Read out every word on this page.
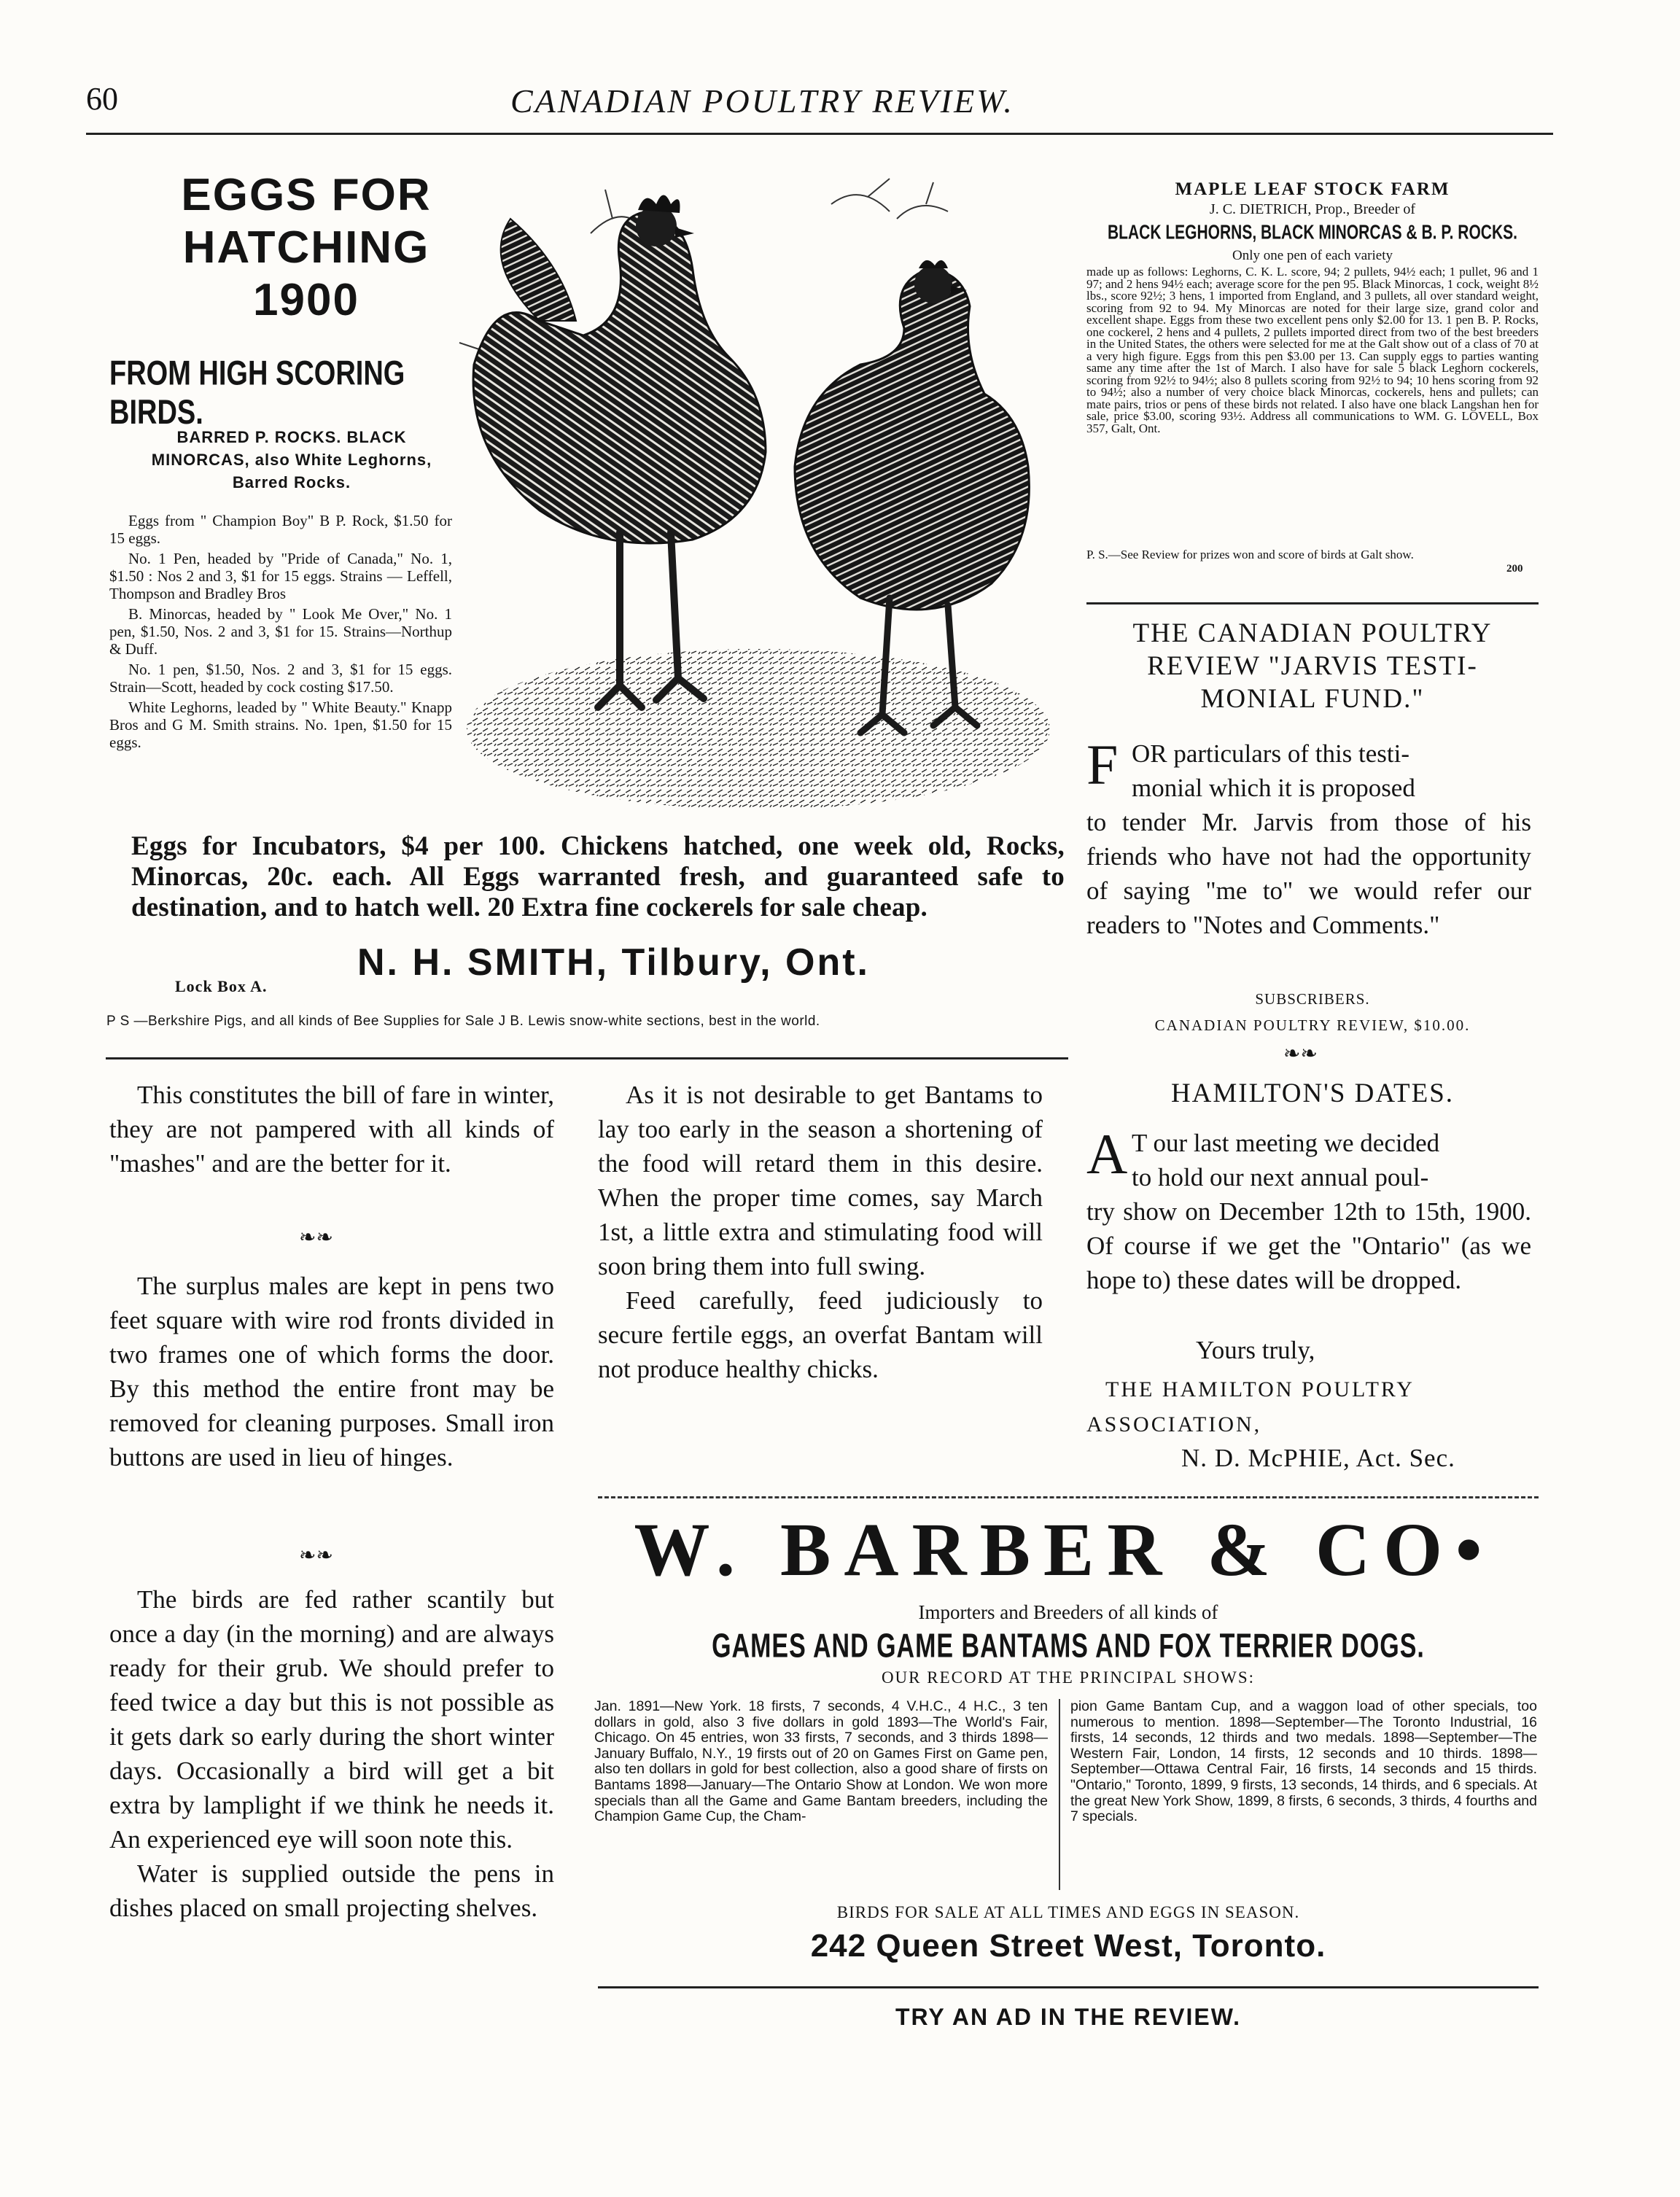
60	CANADIAN POULTRY REVIEW.
EGGS FOR
HATCHING
1900
FROM HIGH SCORING BIRDS.
BARRED P. ROCKS. BLACK
MINORCAS, also White Leghorns,
Barred Rocks.

Eggs from " Champion Boy" B P. Rock, $1.50 for 15 eggs.

No. 1 Pen, headed by "Pride of Canada," No. 1, $1.50 : Nos 2 and 3, $1 for 15 eggs. Strains — Leffell, Thompson and Bradley Bros

B. Minorcas, headed by " Look Me Over," No. 1 pen, $1.50, Nos. 2 and 3, $1 for 15. Strains—Northup & Duff.

No. 1 pen, $1.50, Nos. 2 and 3, $1 for 15 eggs. Strain—Scott, headed by cock costing $17.50.

White Leghorns, leaded by " White Beauty." Knapp Bros and G M. Smith strains. No. 1pen, $1.50 for 15 eggs.

Eggs for Incubators, $4 per 100. Chickens hatched, one week old, Rocks, Minorcas, 20c. each. All Eggs warranted fresh, and guaranteed safe to destination, and to hatch well. 20 Extra fine cockerels for sale cheap.
N. H. SMITH, Tilbury, Ont.
Lock Box A.
P S —Berkshire Pigs, and all kinds of Bee Supplies for Sale J B. Lewis snow-white sections, best in the world.
MAPLE LEAF STOCK FARM
J. C. DIETRICH, Prop., Breeder of
BLACK LEGHORNS, BLACK MINORCAS & B. P. ROCKS.
Only one pen of each variety
made up as follows: Leghorns, C. K. L. score, 94; 2 pullets, 94½ each; 1 pullet, 96 and 1 97; and 2 hens 94½ each; average score for the pen 95. Black Minorcas, 1 cock, weight 8½ lbs., score 92½; 3 hens, 1 imported from England, and 3 pullets, all over standard weight, scoring from 92 to 94. My Minorcas are noted for their large size, grand color and excellent shape. Eggs from these two excellent pens only $2.00 for 13. 1 pen B. P. Rocks, one cockerel, 2 hens and 4 pullets, 2 pullets imported direct from two of the best breeders in the United States, the others were selected for me at the Galt show out of a class of 70 at a very high figure. Eggs from this pen $3.00 per 13. Can supply eggs to parties wanting same any time after the 1st of March. I also have for sale 5 black Leghorn cockerels, scoring from 92½ to 94½; also 8 pullets scoring from 92½ to 94; 10 hens scoring from 92 to 94½; also a number of very choice black Minorcas, cockerels, hens and pullets; can mate pairs, trios or pens of these birds not related. I also have one black Langshan hen for sale, price $3.00, scoring 93½. Address all communications to WM. G. LOVELL, Box 357, Galt, Ont.
P. S.—See Review for prizes won and score of birds at Galt show.
200
THE CANADIAN POULTRY
REVIEW "JARVIS TESTI-
MONIAL FUND."
F OR particulars of this testi-
monial which it is proposed
to tender Mr. Jarvis from those of his friends who have not had the opportunity of saying "me to" we would refer our readers to "Notes and Comments."
SUBSCRIBERS.
CANADIAN POULTRY REVIEW, $10.00.
❧❧
HAMILTON'S DATES.
A T our last meeting we decided
to hold our next annual poul-
try show on December 12th to 15th, 1900. Of course if we get the "Ontario" (as we hope to) these dates will be dropped.
Yours truly,
THE HAMILTON POULTRY ASSOCIATION,
N. D. McPHIE, Act. Sec.

This constitutes the bill of fare in winter, they are not pampered with all kinds of "mashes" and are the better for it.

❧❧

The surplus males are kept in pens two feet square with wire rod fronts divided in two frames one of which forms the door. By this method the entire front may be removed for cleaning purposes. Small iron buttons are used in lieu of hinges.

❧❧

The birds are fed rather scantily but once a day (in the morning) and are always ready for their grub. We should prefer to feed twice a day but this is not possible as it gets dark so early during the short winter days. Occasionally a bird will get a bit extra by lamplight if we think he needs it. An experienced eye will soon note this.

Water is supplied outside the pens in dishes placed on small projecting shelves.

As it is not desirable to get Bantams to lay too early in the season a shortening of the food will retard them in this desire. When the proper time comes, say March 1st, a little extra and stimulating food will soon bring them into full swing.

Feed carefully, feed judiciously to secure fertile eggs, an overfat Bantam will not produce healthy chicks.

W. BARBER & CO•
Importers and Breeders of all kinds of
GAMES AND GAME BANTAMS AND FOX TERRIER DOGS.
OUR RECORD AT THE PRINCIPAL SHOWS:
Jan. 1891—New York. 18 firsts, 7 seconds, 4 V.H.C., 4 H.C., 3 ten dollars in gold, also 3 five dollars in gold 1893—The World's Fair, Chicago. On 45 entries, won 33 firsts, 7 seconds, and 3 thirds 1898—January Buffalo, N.Y., 19 firsts out of 20 on Games First on Game pen, also ten dollars in gold for best collection, also a good share of firsts on Bantams 1898—January—The Ontario Show at London. We won more specials than all the Game and Game Bantam breeders, including the Champion Game Cup, the Cham-
pion Game Bantam Cup, and a waggon load of other specials, too numerous to mention. 1898—September—The Toronto Industrial, 16 firsts, 14 seconds, 12 thirds and two medals. 1898—September—The Western Fair, London, 14 firsts, 12 seconds and 10 thirds. 1898—September—Ottawa Central Fair, 16 firsts, 14 seconds and 15 thirds. "Ontario," Toronto, 1899, 9 firsts, 13 seconds, 14 thirds, and 6 specials. At the great New York Show, 1899, 8 firsts, 6 seconds, 3 thirds, 4 fourths and 7 specials.
BIRDS FOR SALE AT ALL TIMES AND EGGS IN SEASON.
242 Queen Street West, Toronto.
TRY AN AD IN THE REVIEW.
